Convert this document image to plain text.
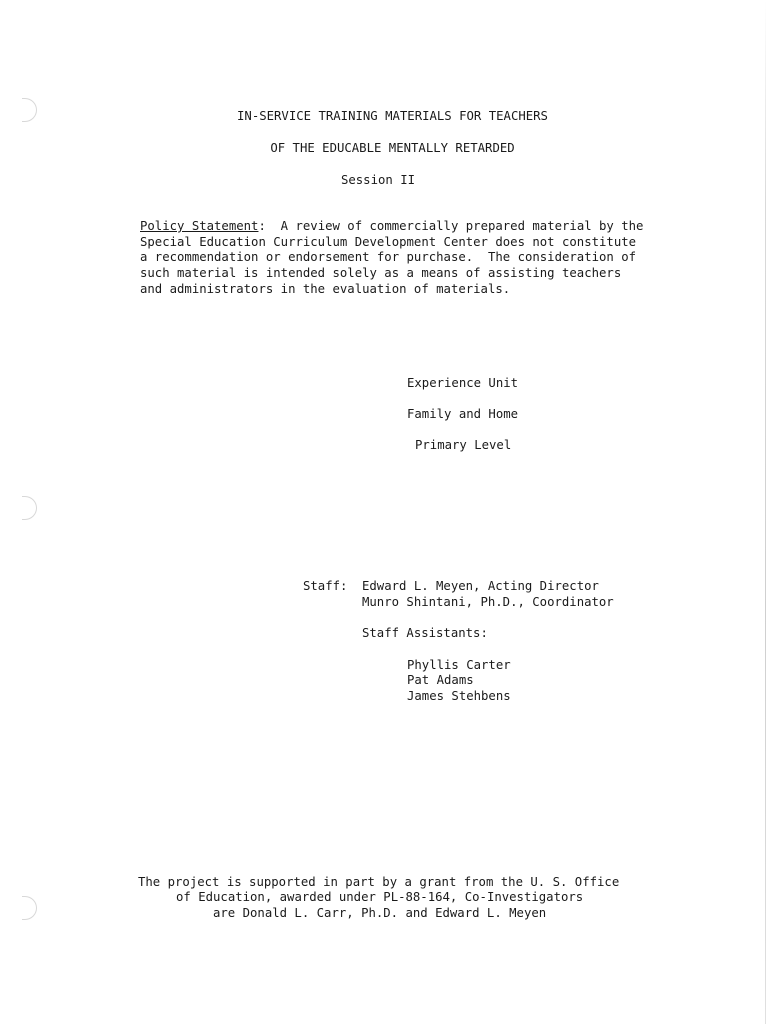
IN-SERVICE TRAINING MATERIALS FOR TEACHERS
OF THE EDUCABLE MENTALLY RETARDED
Session II
Policy Statement:  A review of commercially prepared material by the
Special Education Curriculum Development Center does not constitute
a recommendation or endorsement for purchase.  The consideration of
such material is intended solely as a means of assisting teachers
and administrators in the evaluation of materials.
Experience Unit
Family and Home
Primary Level
Staff: Edward L. Meyen, Acting Director
Munro Shintani, Ph.D., Coordinator
Staff Assistants:
Phyllis Carter
Pat Adams
James Stehbens
The project is supported in part by a grant from the U. S. Office
of Education, awarded under PL-88-164, Co-Investigators
are Donald L. Carr, Ph.D. and Edward L. Meyen
